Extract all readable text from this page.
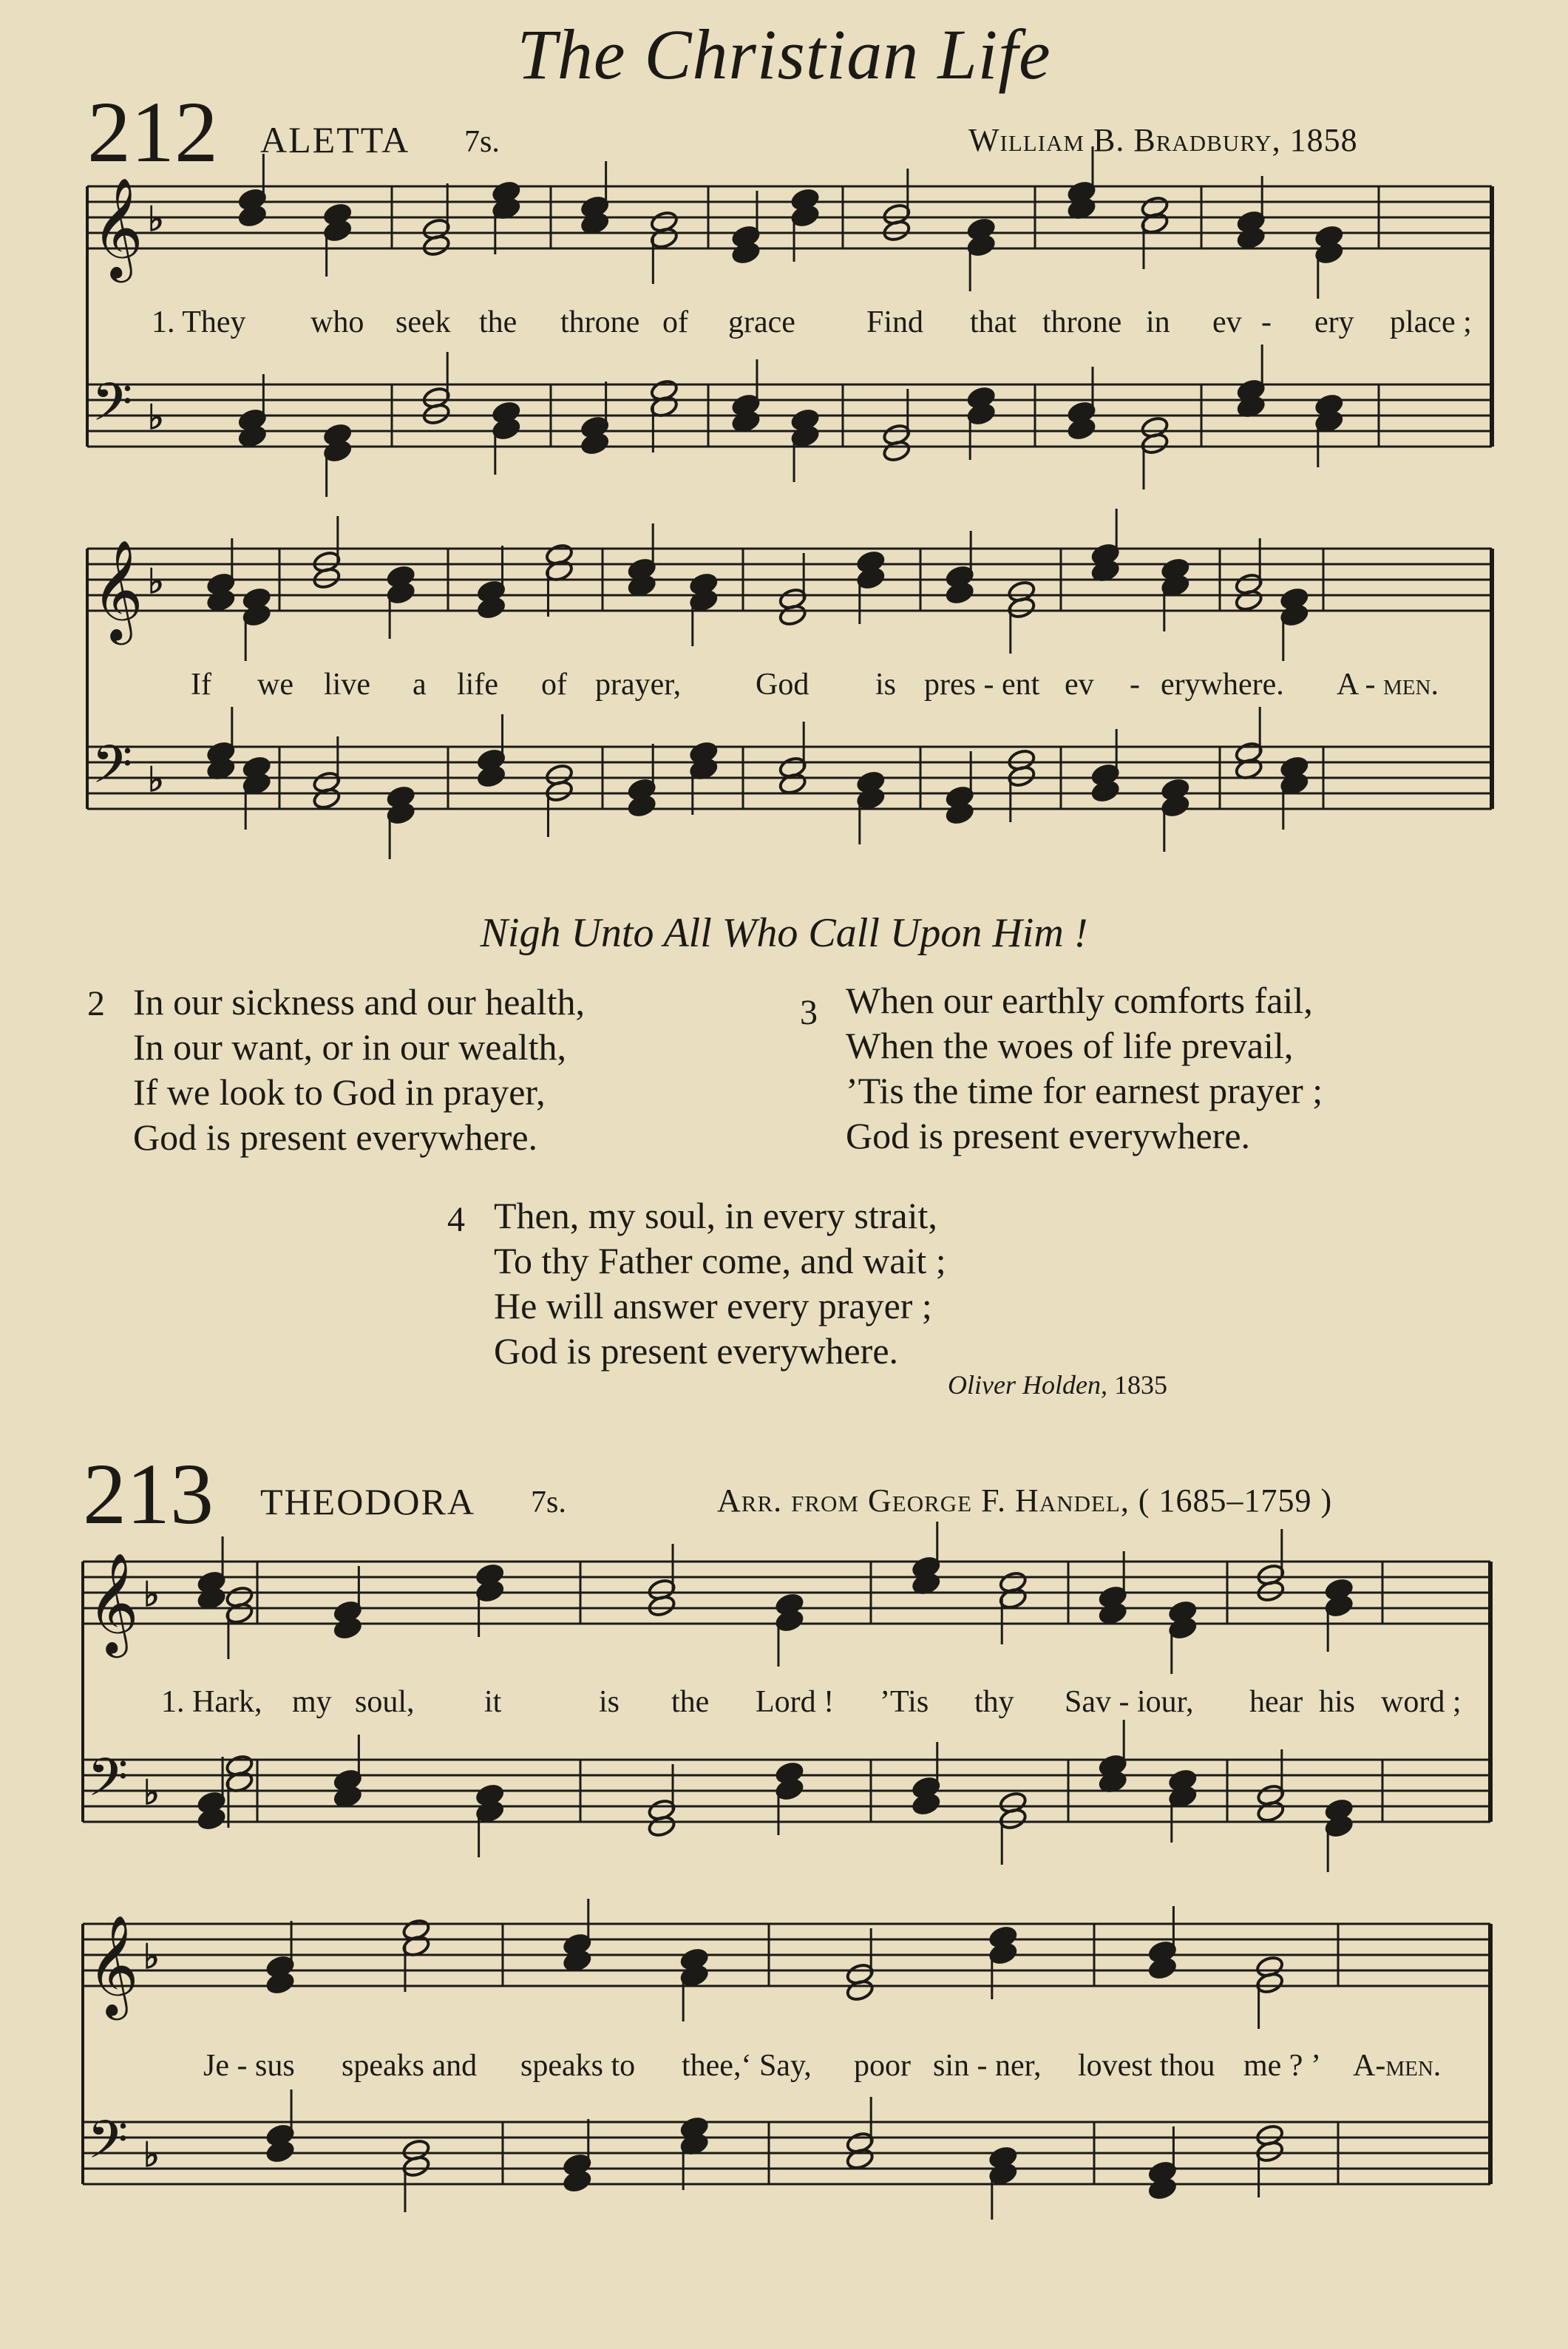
The Christian Life
212 ALETTA 7s.	William B. Bradbury, 1858
𝄞
𝄢
♭
♭
𝄞
𝄢
♭
♭
𝄞
𝄢
♭
♭
𝄞
𝄢
♭
♭
1. They who seek the throne of grace Find that throne in ev - ery place ;
If we live a life of prayer, God is pres - ent ev - erywhere. A - men.
Nigh Unto All Who Call Upon Him !
2 In our sickness and our health,
In our want, or in our wealth,
If we look to God in prayer,
God is present everywhere.
3 When our earthly comforts fail,
When the woes of life prevail,
’Tis the time for earnest prayer ;
God is present everywhere.
4 Then, my soul, in every strait,
To thy Father come, and wait ;
He will answer every prayer ;
God is present everywhere.
Oliver Holden, 1835
213 THEODORA 7s.	Arr. from George F. Handel, ( 1685–1759 )
1. Hark, my soul, it	is the Lord ! ’Tis thy Sav - iour, hear his word ;
Je - sus speaks and speaks to thee,‘ Say, poor sin - ner, lovest thou me ? ’ A-men.
